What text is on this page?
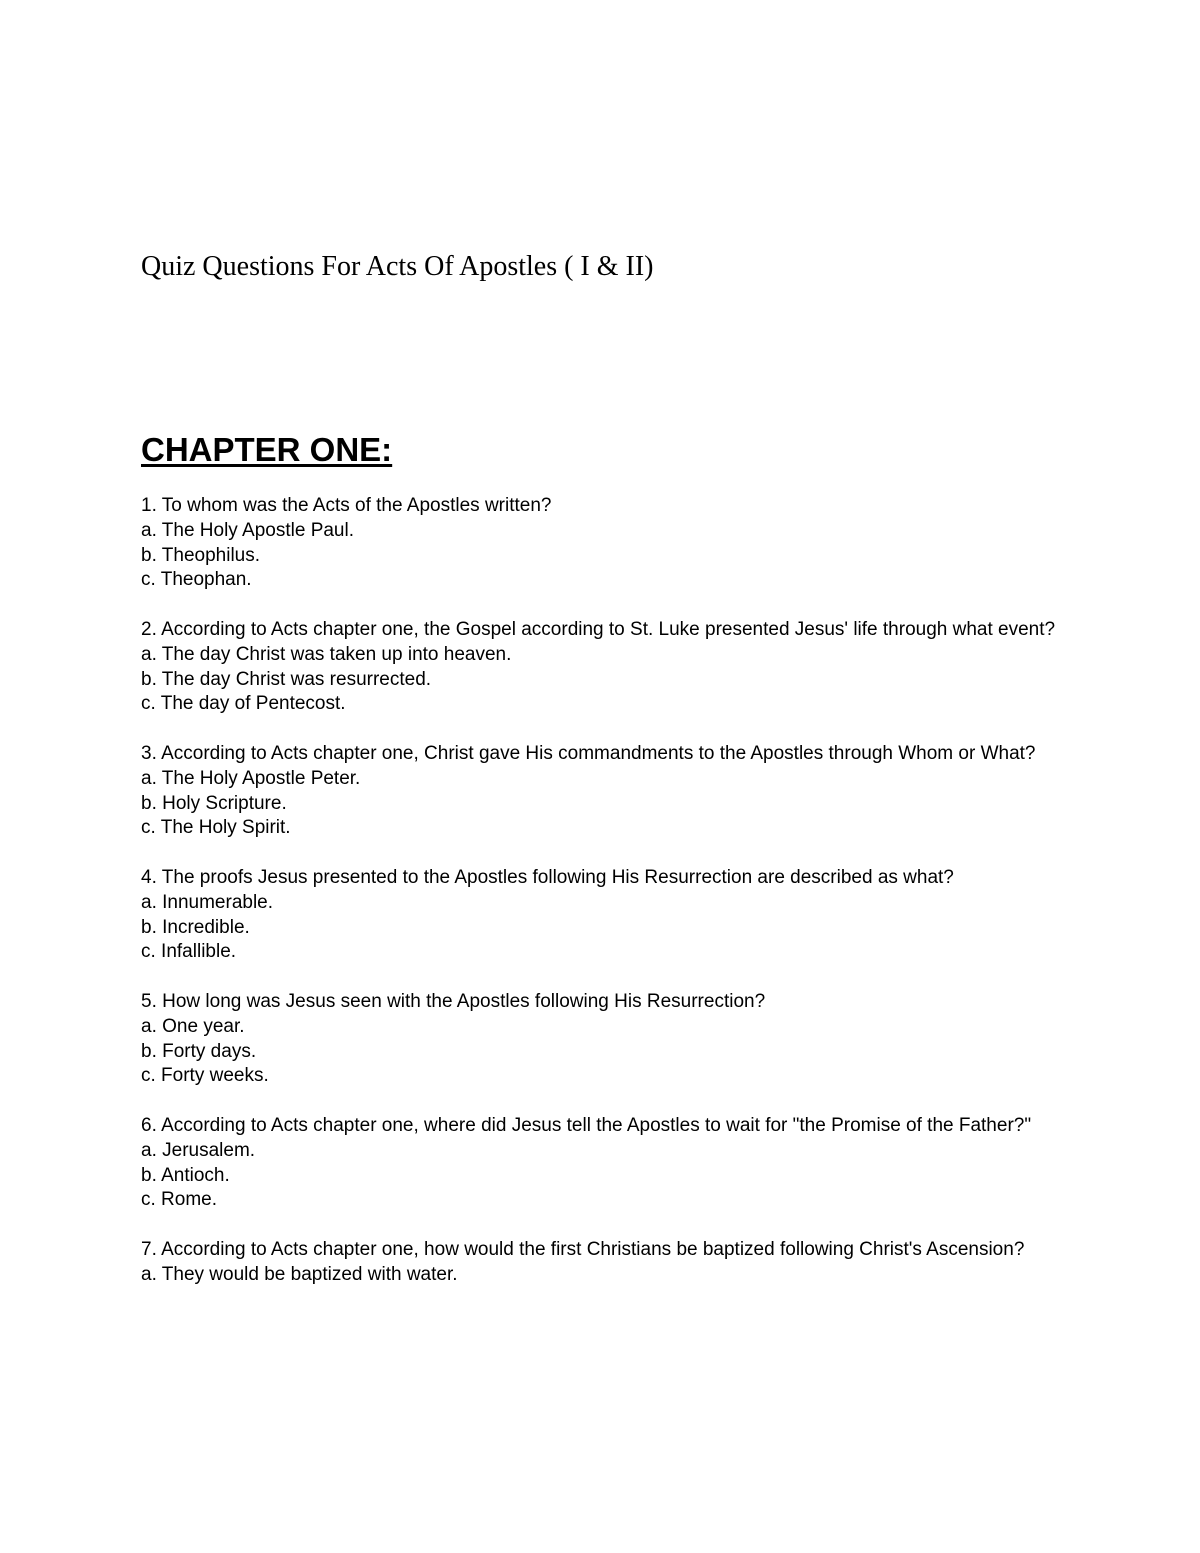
Quiz Questions For Acts Of Apostles ( I & II)
CHAPTER ONE:
1. To whom was the Acts of the Apostles written?
a. The Holy Apostle Paul.
b. Theophilus.
c. Theophan.
2. According to Acts chapter one, the Gospel according to St. Luke presented Jesus' life through what event?
a. The day Christ was taken up into heaven.
b. The day Christ was resurrected.
c. The day of Pentecost.
3. According to Acts chapter one, Christ gave His commandments to the Apostles through Whom or What?
a. The Holy Apostle Peter.
b. Holy Scripture.
c. The Holy Spirit.
4. The proofs Jesus presented to the Apostles following His Resurrection are described as what?
a. Innumerable.
b. Incredible.
c. Infallible.
5. How long was Jesus seen with the Apostles following His Resurrection?
a. One year.
b. Forty days.
c. Forty weeks.
6. According to Acts chapter one, where did Jesus tell the Apostles to wait for "the Promise of the Father?"
a. Jerusalem.
b. Antioch.
c. Rome.
7. According to Acts chapter one, how would the first Christians be baptized following Christ's Ascension?
a. They would be baptized with water.
